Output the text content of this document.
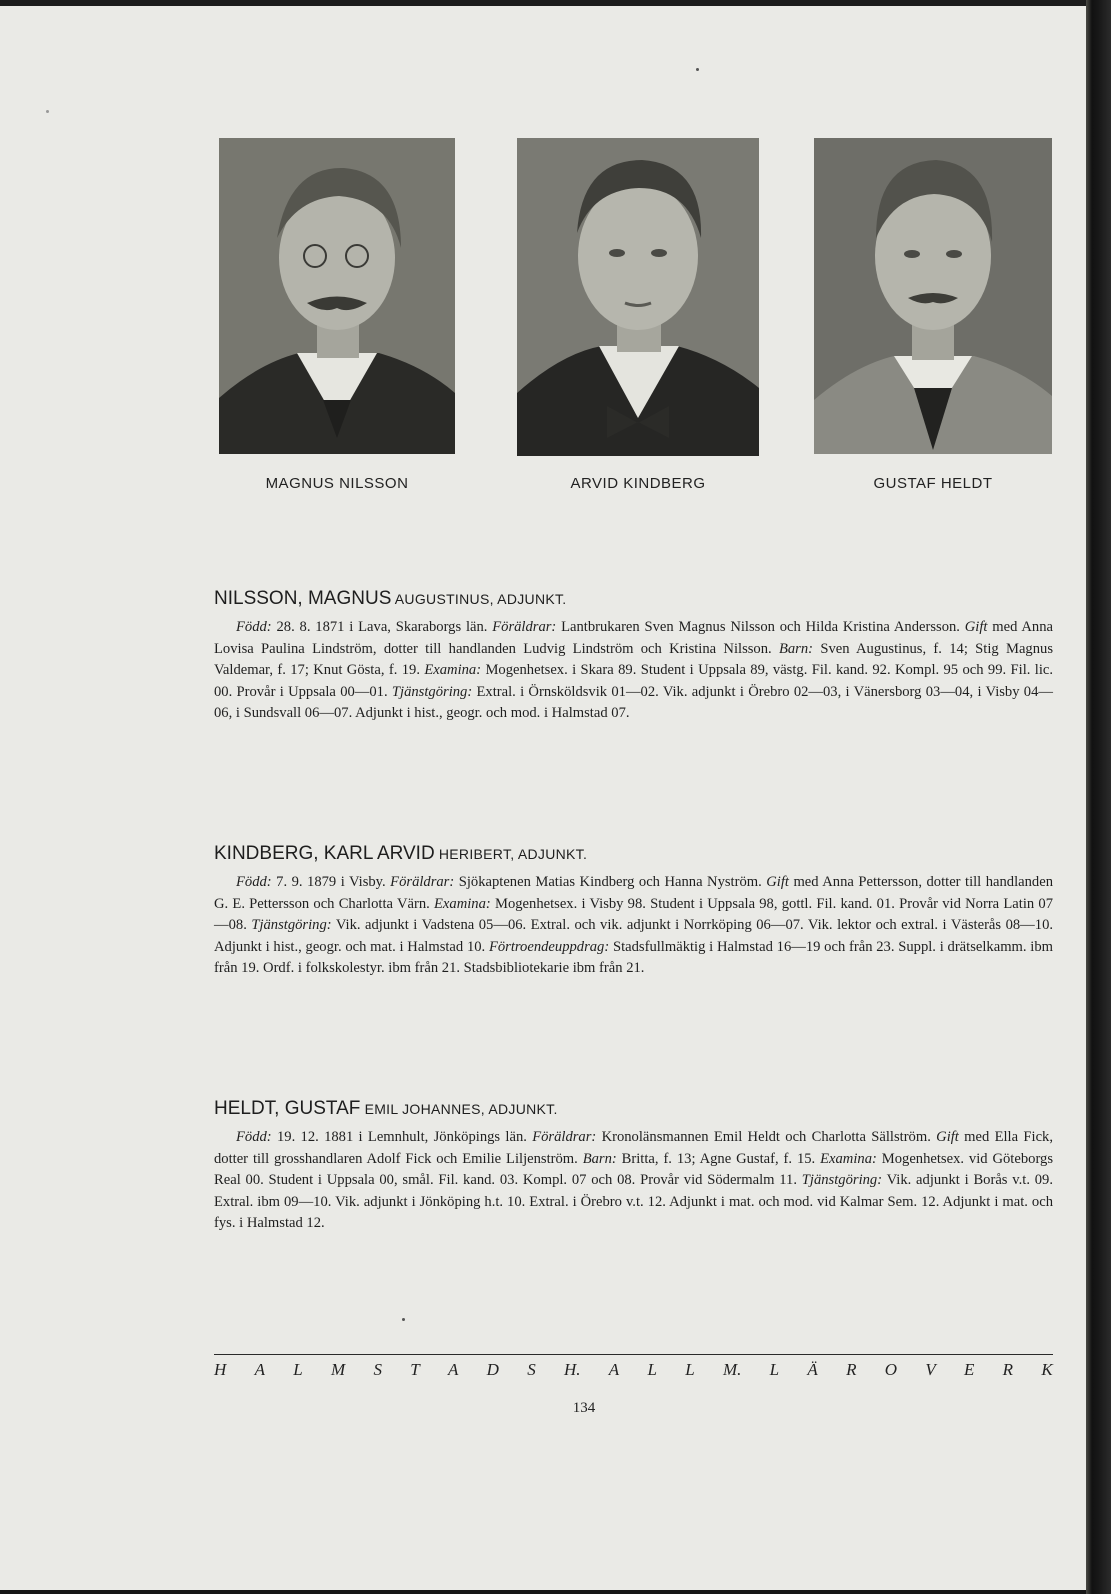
MAGNUS NILSSON	ARVID KINDBERG	GUSTAF HELDT
NILSSON, MAGNUS AUGUSTINUS, ADJUNKT.

Född: 28. 8. 1871 i Lava, Skaraborgs län. Föräldrar: Lantbrukaren Sven Magnus Nilsson och Hilda Kristina Andersson. Gift med Anna Lovisa Paulina Lindström, dotter till handlanden Ludvig Lindström och Kristina Nilsson. Barn: Sven Augustinus, f. 14; Stig Magnus Valdemar, f. 17; Knut Gösta, f. 19. Examina: Mogenhetsex. i Skara 89. Student i Uppsala 89, västg. Fil. kand. 92. Kompl. 95 och 99. Fil. lic. 00. Provår i Uppsala 00—01. Tjänstgöring: Extral. i Örnsköldsvik 01—02. Vik. adjunkt i Örebro 02—03, i Vänersborg 03—04, i Visby 04—06, i Sundsvall 06—07. Adjunkt i hist., geogr. och mod. i Halmstad 07.

KINDBERG, KARL ARVID HERIBERT, ADJUNKT.

Född: 7. 9. 1879 i Visby. Föräldrar: Sjökaptenen Matias Kindberg och Hanna Nyström. Gift med Anna Pettersson, dotter till handlanden G. E. Pettersson och Charlotta Värn. Examina: Mogenhetsex. i Visby 98. Student i Uppsala 98, gottl. Fil. kand. 01. Provår vid Norra Latin 07—08. Tjänstgöring: Vik. adjunkt i Vadstena 05—06. Extral. och vik. adjunkt i Norrköping 06—07. Vik. lektor och extral. i Västerås 08—10. Adjunkt i hist., geogr. och mat. i Halmstad 10. Förtroendeuppdrag: Stadsfullmäktig i Halmstad 16—19 och från 23. Suppl. i drätselkamm. ibm från 19. Ordf. i folkskolestyr. ibm från 21. Stadsbibliotekarie ibm från 21.

HELDT, GUSTAF EMIL JOHANNES, ADJUNKT.

Född: 19. 12. 1881 i Lemnhult, Jönköpings län. Föräldrar: Kronolänsmannen Emil Heldt och Charlotta Sällström. Gift med Ella Fick, dotter till grosshandlaren Adolf Fick och Emilie Liljenström. Barn: Britta, f. 13; Agne Gustaf, f. 15. Examina: Mogenhetsex. vid Göteborgs Real 00. Student i Uppsala 00, smål. Fil. kand. 03. Kompl. 07 och 08. Provår vid Södermalm 11. Tjänstgöring: Vik. adjunkt i Borås v.t. 09. Extral. ibm 09—10. Vik. adjunkt i Jönköping h.t. 10. Extral. i Örebro v.t. 12. Adjunkt i mat. och mod. vid Kalmar Sem. 12. Adjunkt i mat. och fys. i Halmstad 12.

H A L M S T A D S H. A L L M. L Ä R O V E R K
134
